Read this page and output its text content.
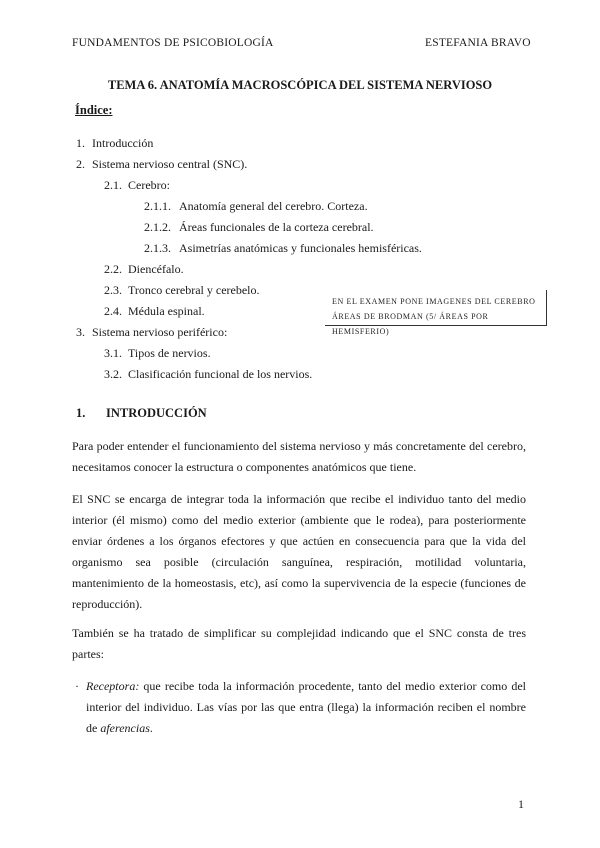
FUNDAMENTOS DE PSICOBIOLOGÍA	ESTEFANIA BRAVO
TEMA 6. ANATOMÍA MACROSCÓPICA DEL SISTEMA NERVIOSO
Índice:
1. Introducción
2. Sistema nervioso central (SNC).
2.1. Cerebro:
2.1.1. Anatomía general del cerebro. Corteza.
2.1.2. Áreas funcionales de la corteza cerebral.
2.1.3. Asimetrías anatómicas y funcionales hemisféricas.
2.2. Diencéfalo.
2.3. Tronco cerebral y cerebelo.
2.4. Médula espinal.
3. Sistema nervioso periférico:
3.1. Tipos de nervios.
3.2. Clasificación funcional de los nervios.
EN EL EXAMEN PONE IMAGENES DEL CEREBRO
ÁREAS DE BRODMAN (5/ ÁREAS POR HEMISFERIO)
1. INTRODUCCIÓN

Para poder entender el funcionamiento del sistema nervioso y más concretamente del cerebro, necesitamos conocer la estructura o componentes anatómicos que tiene.

El SNC se encarga de integrar toda la información que recibe el individuo tanto del medio interior (él mismo) como del medio exterior (ambiente que le rodea), para posteriormente enviar órdenes a los órganos efectores y que actúen en consecuencia para que la vida del organismo sea posible (circulación sanguínea, respiración, motilidad voluntaria, mantenimiento de la homeostasis, etc), así como la supervivencia de la especie (funciones de reproducción).

También se ha tratado de simplificar su complejidad indicando que el SNC consta de tres partes:

· Receptora: que recibe toda la información procedente, tanto del medio exterior como del interior del individuo. Las vías por las que entra (llega) la información reciben el nombre de aferencias.
1
